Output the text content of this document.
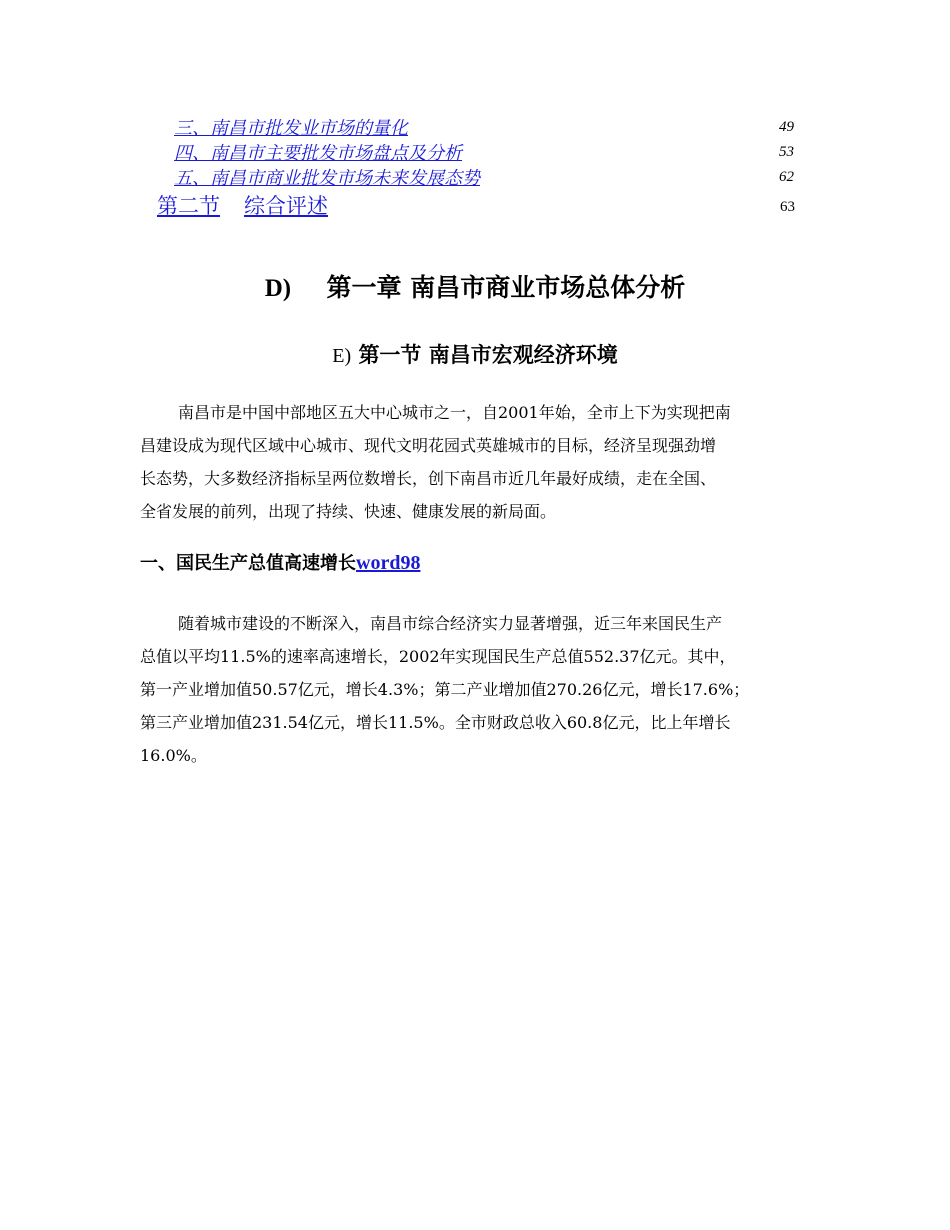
三、南昌市批发业市场的量化	49
四、南昌市主要批发市场盘点及分析	53
五、南昌市商业批发市场未来发展态势	62
第二节 综合评述	63
D) 第一章 南昌市商业市场总体分析
E) 第一节 南昌市宏观经济环境
南昌市是中国中部地区五大中心城市之一，自2001年始，全市上下为实现把南
昌建设成为现代区域中心城市、现代文明花园式英雄城市的目标，经济呈现强劲增
长态势，大多数经济指标呈两位数增长，创下南昌市近几年最好成绩，走在全国、
全省发展的前列，出现了持续、快速、健康发展的新局面。
一、国民生产总值高速增长word98
随着城市建设的不断深入，南昌市综合经济实力显著增强，近三年来国民生产
总值以平均11.5%的速率高速增长，2002年实现国民生产总值552.37亿元。其中，
第一产业增加值50.57亿元，增长4.3%；第二产业增加值270.26亿元，增长17.6%；
第三产业增加值231.54亿元，增长11.5%。全市财政总收入60.8亿元，比上年增长
16.0%。
